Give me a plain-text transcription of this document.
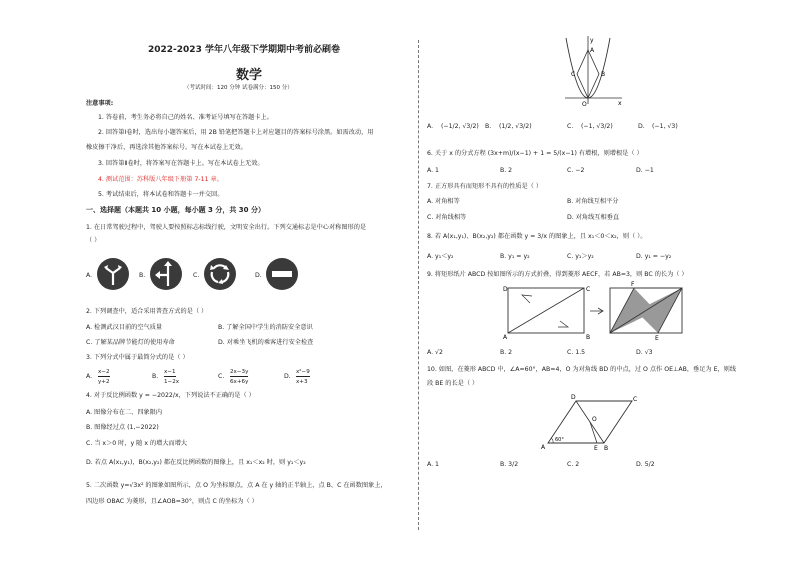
2022-2023 学年八年级下学期期中考前必刷卷
数学
（考试时间：120 分钟 试卷满分：150 分）
注意事项:
1. 答卷前，考生务必将自己的姓名、准考证号填写在答题卡上。
2. 回答第Ⅰ卷时，选出每小题答案后，用 2B 铅笔把答题卡上对应题目的答案标号涂黑。如需改动，用
橡皮擦干净后，再选涂其他答案标号。写在本试卷上无效。
3. 回答第Ⅱ卷时，将答案写在答题卡上。写在本试卷上无效。
4. 测试范围：苏科版八年级下册第 7-11 章。
5. 考试结束后，将本试卷和答题卡一并交回。
一、选择题（本题共 10 小题，每小题 3 分，共 30 分）
1. 在日常驾驶过程中，驾驶人要按照标志标线行驶，文明安全出行。下列交通标志是中心对称图形的是
（ ）
A.	B.	C.	D.
2. 下列调查中，适合采用普查方式的是（ ）
A. 检测武汉目前的空气质量	B. 了解全国中学生的消防安全意识
C. 了解某品牌节能灯的使用寿命	D. 对乘坐飞机的乘客进行安全检查
3. 下列分式中属于最简分式的是（ ）
A.
x−2
y+2
B.
x−1
1−2x
C.
2x−3y
6x+6y
D.
x²−9
x+3
4. 对于反比例函数 y = −2022/x，下列说法不正确的是（ ）
A. 图像分布在二、四象限内
B. 图像经过点 (1,−2022)
C. 当 x＞0 时，y 随 x 的增大而增大
D. 若点 A(x₁,y₁)，B(x₂,y₂) 都在反比例函数的图像上，且 x₁＜x₂ 时，则 y₁＜y₂
5. 二次函数 y=√3x² 的图象如图所示，点 O 为坐标原点，点 A 在 y 轴的正半轴上，点 B、C 在函数图象上，
四边形 OBAC 为菱形，且∠AOB=30°，则点 C 的坐标为（ ）
y
A
C	B
O	x
A. (−1/2, √3/2) B. (1/2, √3/2)	C. (−1, √3/2)	D. (−1, √3)
6. 关于 x 的分式方程 (3x+m)/(x−1) + 1 = 5/(x−1) 有增根，则增根是（ ）
A. 1	B. 2	C. −2	D. −1
7. 正方形具有而矩形不具有的性质是（ ）
A. 对角相等	B. 对角线互相平分
C. 对角线相等	D. 对角线互相垂直
8. 若 A(x₁,y₁)、B(x₂,y₂) 都在函数 y = 3/x 的图象上，且 x₁＜0＜x₂，则（ ）。
A. y₁＜y₂	B. y₁ = y₂	C. y₁＞y₂	D. y₁ = −y₂
9. 将矩形纸片 ABCD 按如图所示的方式折叠，得到菱形 AECF，若 AB=3，则 BC 的长为（ ）
D	C
A	B
F
E
A. √2	B. 2	C. 1.5	D. √3
10. 如图，在菱形 ABCD 中，∠A=60°，AB=4，O 为对角线 BD 的中点，过 O 点作 OE⊥AB，垂足为 E，则线
段 BE 的长是（ ）
D	C
O
A	E B
60°
A. 1	B. 3/2	C. 2	D. 5/2
